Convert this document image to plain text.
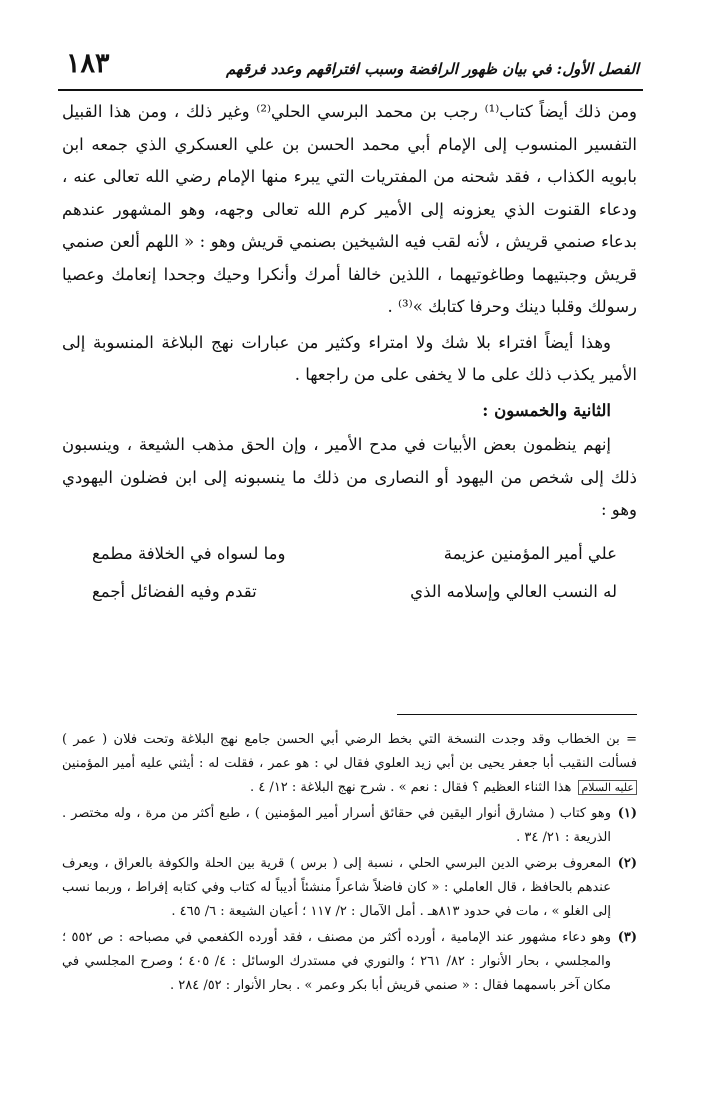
١٨٣	الفصل الأول: في بيان ظهور الرافضة وسبب افتراقهم وعدد فرقهم

ومن ذلك أيضاً كتاب⁽¹⁾ رجب بن محمد البرسي الحلي⁽²⁾ وغير ذلك ، ومن هذا القبيل التفسير المنسوب إلى الإمام أبي محمد الحسن بن علي العسكري الذي جمعه ابن بابويه الكذاب ، فقد شحنه من المفتريات التي يبرء منها الإمام رضي الله تعالى عنه ، ودعاء القنوت الذي يعزونه إلى الأمير كرم الله تعالى وجهه، وهو المشهور عندهم بدعاء صنمي قريش ، لأنه لقب فيه الشيخين بصنمي قريش وهو : « اللهم ألعن صنمي قريش وجبتيهما وطاغوتيهما ، اللذين خالفا أمرك وأنكرا وحيك وجحدا إنعامك وعصيا رسولك وقلبا دينك وحرفا كتابك »⁽³⁾ .

وهذا أيضاً افتراء بلا شك ولا امتراء وكثير من عبارات نهج البلاغة المنسوبة إلى الأمير يكذب ذلك على ما لا يخفى على من راجعها .

الثانية والخمسون :

إنهم ينظمون بعض الأبيات في مدح الأمير ، وإن الحق مذهب الشيعة ، وينسبون ذلك إلى شخص من اليهود أو النصارى من ذلك ما ينسبونه إلى ابن فضلون اليهودي وهو :

علي أمير المؤمنين عزيمة
وما لسواه في الخلافة مطمع
له النسب العالي وإسلامه الذي
تقدم وفيه الفضائل أجمع
= بن الخطاب وقد وجدت النسخة التي بخط الرضي أبي الحسن جامع نهج البلاغة وتحت فلان ( عمر ) فسألت النقيب أبا جعفر يحيى بن أبي زيد العلوي فقال لي : هو عمر ، فقلت له : أيثني عليه أمير المؤمنين عليه السلام هذا الثناء العظيم ؟ فقال : نعم » . شرح نهج البلاغة : ١٢/ ٤ .
(١)
وهو كتاب ( مشارق أنوار اليقين في حقائق أسرار أمير المؤمنين ) ، طبع أكثر من مرة ، وله مختصر . الذريعة : ٢١/ ٣٤ .
(٢)
المعروف برضي الدين البرسي الحلي ، نسبة إلى ( برس ) قرية بين الحلة والكوفة بالعراق ، ويعرف عندهم بالحافظ ، قال العاملي : « كان فاضلاً شاعراً منشئاً أديباً له كتاب وفي كتابه إفراط ، وربما نسب إلى الغلو » ، مات في حدود ٨١٣هـ . أمل الآمال : ٢/ ١١٧ ؛ أعيان الشيعة : ٦/ ٤٦٥ .
(٣)
وهو دعاء مشهور عند الإمامية ، أورده أكثر من مصنف ، فقد أورده الكفعمي في مصباحه : ص ٥٥٢ ؛ والمجلسي ، بحار الأنوار : ٨٢/ ٢٦١ ؛ والنوري في مستدرك الوسائل : ٤/ ٤٠٥ ؛ وصرح المجلسي في مكان آخر باسمهما فقال : « صنمي قريش أبا بكر وعمر » . بحار الأنوار : ٥٢/ ٢٨٤ .
